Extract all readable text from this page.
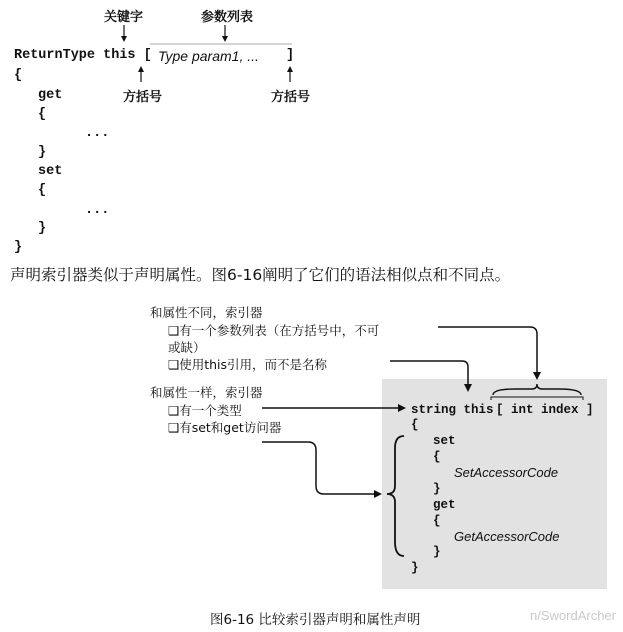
关键字	参数列表
ReturnType this [ Type param1, ... ]
{
方括号	方括号
get
{
...
}
set
{
...
}
}
声明索引器类似于声明属性。图6-16阐明了它们的语法相似点和不同点。
和属性不同，索引器
❑有一个参数列表（在方括号中，不可
或缺）
❑使用this引用，而不是名称
和属性一样，索引器
❑有一个类型
❑有set和get访问器
string this [ int index ]
{
set
{
SetAccessorCode
}
get
{
GetAccessorCode
}
}
图6-16 比较索引器声明和属性声明	n/SwordArcher
